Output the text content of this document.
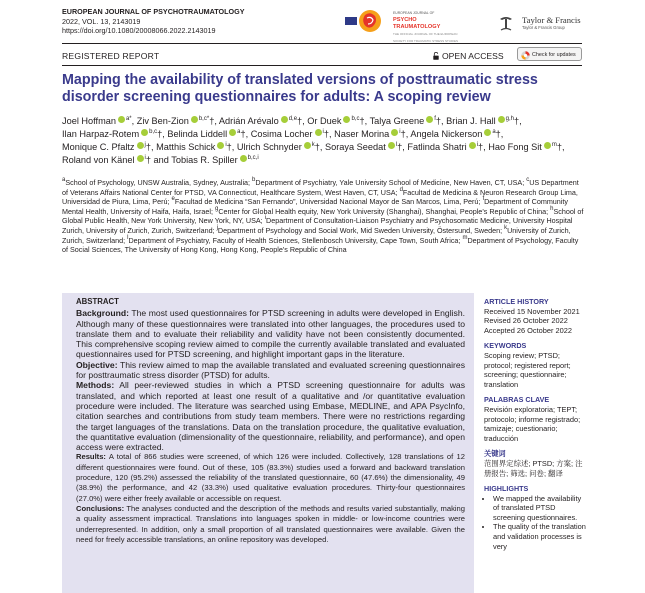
EUROPEAN JOURNAL OF PSYCHOTRAUMATOLOGY
2022, VOL. 13, 2143019
https://doi.org/10.1080/20008066.2022.2143019
EUROPEAN JOURNAL OF
PSYCHO
TRAUMATOLOGY
THE OFFICIAL JOURNAL OF THE EUROPEAN SOCIETY FOR TRAUMATIC STRESS STUDIES
Taylor & Francis
Taylor & Francis Group
REGISTERED REPORT	OPEN ACCESS	Check for updates
Mapping the availability of translated versions of posttraumatic stress disorder screening questionnaires for adults: A scoping review
Joel Hoffman $^{a*}$, Ziv Ben-Zion $^{b,c*}$†, Adrián Arévalo $^{d,e}$†, Or Duek $^{b,c}$†, Talya Greene $^f$†, Brian J. Hall $^{g,h}$†, Ilan Harpaz-Rotem $^{b,c}$†, Belinda Liddell $^a$†, Cosima Locher $^i$†, Naser Morina $^i$†, Angela Nickerson $^a$†, Monique C. Pfaltz $^j$†, Matthis Schick $^i$†, Ulrich Schnyder $^k$†, Soraya Seedat $^l$†, Fatlinda Shatri $^i$†, Hao Fong Sit $^m$†, Roland von Känel $^i$† and Tobias R. Spiller $^{b,c,i}$
$^a$School of Psychology, UNSW Australia, Sydney, Australia; $^b$Department of Psychiatry, Yale University School of Medicine, New Haven, CT, USA; $^c$US Department of Veterans Affairs National Center for PTSD, VA Connecticut, Healthcare System, West Haven, CT, USA; $^d$Facultad de Medicina & Neuron Research Group Lima, Universidad de Piura, Lima, Perú; $^e$Facultad de Medicina “San Fernando”, Universidad Nacional Mayor de San Marcos, Lima, Perú; $^f$Department of Community Mental Health, University of Haifa, Haifa, Israel; $^g$Center for Global Health equity, New York University (Shanghai), Shanghai, People’s Republic of China; $^h$School of Global Public Health, New York University, New York, NY, USA; $^i$Department of Consultation-Liaison Psychiatry and Psychosomatic Medicine, University Hospital Zurich, University of Zurich, Zurich, Switzerland; $^j$Department of Psychology and Social Work, Mid Sweden University, Östersund, Sweden; $^k$University of Zurich, Zurich, Switzerland; $^l$Department of Psychiatry, Faculty of Health Sciences, Stellenbosch University, Cape Town, South Africa; $^m$Department of Psychology, Faculty of Social Sciences, The University of Hong Kong, Hong Kong, People’s Republic of China
ABSTRACT

Background: The most used questionnaires for PTSD screening in adults were developed in English. Although many of these questionnaires were translated into other languages, the procedures used to translate them and to evaluate their reliability and validity have not been consistently documented. This comprehensive scoping review aimed to compile the currently available translated and evaluated questionnaires used for PTSD screening, and highlight important gaps in the literature.

Objective: This review aimed to map the available translated and evaluated screening questionnaires for posttraumatic stress disorder (PTSD) for adults.

Methods: All peer-reviewed studies in which a PTSD screening questionnaire for adults was translated, and which reported at least one result of a qualitative and /or quantitative evaluation procedure were included. The literature was searched using Embase, MEDLINE, and APA PsycInfo, citation searches and contributions from study team members. There were no restrictions regarding the target languages of the translations. Data on the translation procedure, the qualitative evaluation, the quantitative evaluation (dimensionality of the questionnaire, reliability, and performance), and open access were extracted.

Results: A total of 866 studies were screened, of which 126 were included. Collectively, 128 translations of 12 different questionnaires were found. Out of these, 105 (83.3%) studies used a forward and backward translation procedure, 120 (95.2%) assessed the reliability of the translated questionnaire, 60 (47.6%) the dimensionality, 49 (38.9%) the performance, and 42 (33.3%) used qualitative evaluation procedures. Thirty-four questionnaires (27.0%) were either freely available or accessible on request.

Conclusions: The analyses conducted and the description of the methods and results varied substantially, making a quality assessment impractical. Translations into languages spoken in middle- or low-income countries were underrepresented. In addition, only a small proportion of all translated questionnaires were available. Given the need for freely accessible translations, an online repository was developed.

ARTICLE HISTORY
Received 15 November 2021
Revised 26 October 2022
Accepted 26 October 2022
KEYWORDS
Scoping review; PTSD; protocol; registered report; screening; questionnaire; translation
PALABRAS CLAVE
Revisión exploratoria; TEPT; protocolo; informe registrado; tamizaje; cuestionario; traducción
关键词
范围界定综述; PTSD; 方案; 注册报告; 筛选; 问卷; 翻译
HIGHLIGHTS
• We mapped the availability of translated PTSD screening questionnaires.
• The quality of the translation and validation processes is very
